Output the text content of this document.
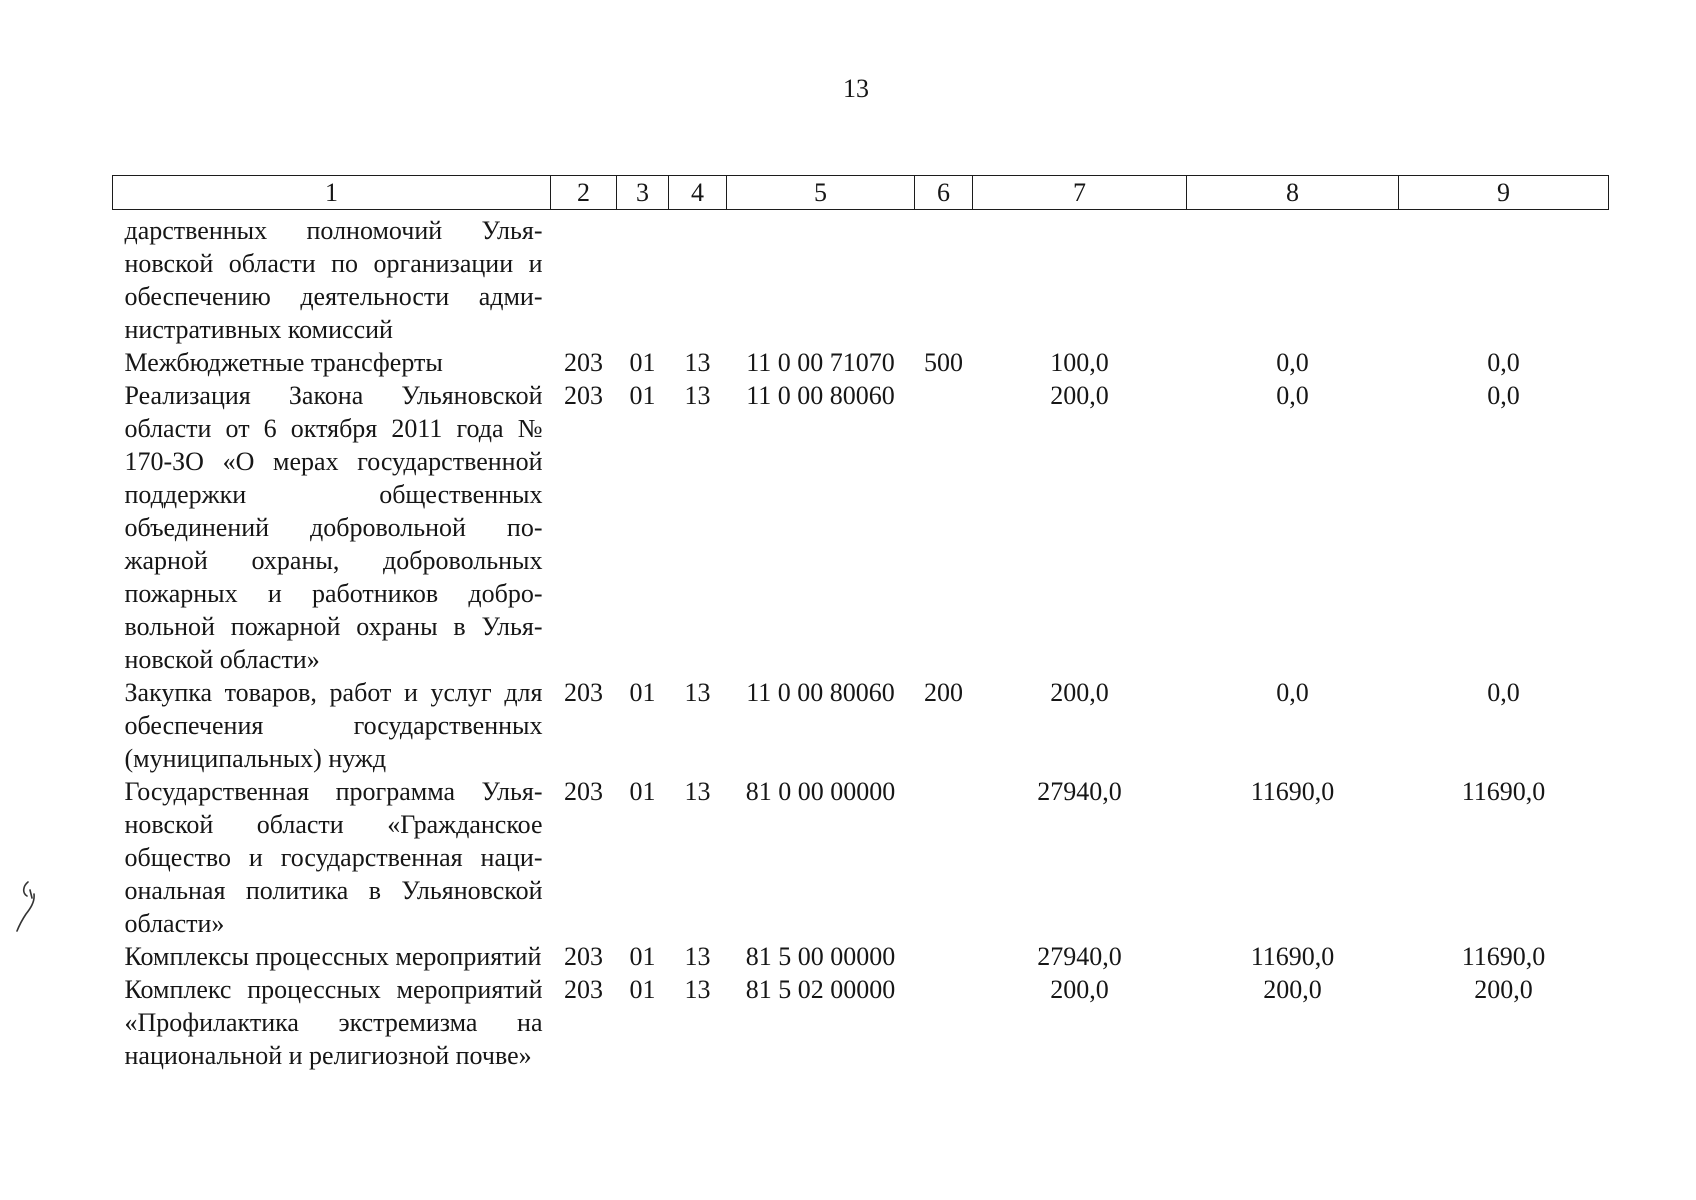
13
1	2	3	4	5	6	7	8	9
дарственных полномочий Ульяновской области по организации и обеспечению деятельности административных комиссий								
Межбюджетные трансферты	203	01	13	11 0 00 71070	500	100,0	0,0	0,0
Реализация Закона Ульяновской области от 6 октября 2011 года № 170-ЗО «О мерах государственной поддержки общественных объединений добровольной пожарной охраны, добровольных пожарных и работников добровольной пожарной охраны в Ульяновской области»	203	01	13	11 0 00 80060		200,0	0,0	0,0
Закупка товаров, работ и услуг для обеспечения государственных (муниципальных) нужд	203	01	13	11 0 00 80060	200	200,0	0,0	0,0
Государственная программа Ульяновской области «Гражданское общество и государственная национальная политика в Ульяновской области»	203	01	13	81 0 00 00000		27940,0	11690,0	11690,0
Комплексы процессных мероприятий	203	01	13	81 5 00 00000		27940,0	11690,0	11690,0
Комплекс процессных мероприятий «Профилактика экстремизма на национальной и религиозной почве»	203	01	13	81 5 02 00000		200,0	200,0	200,0
